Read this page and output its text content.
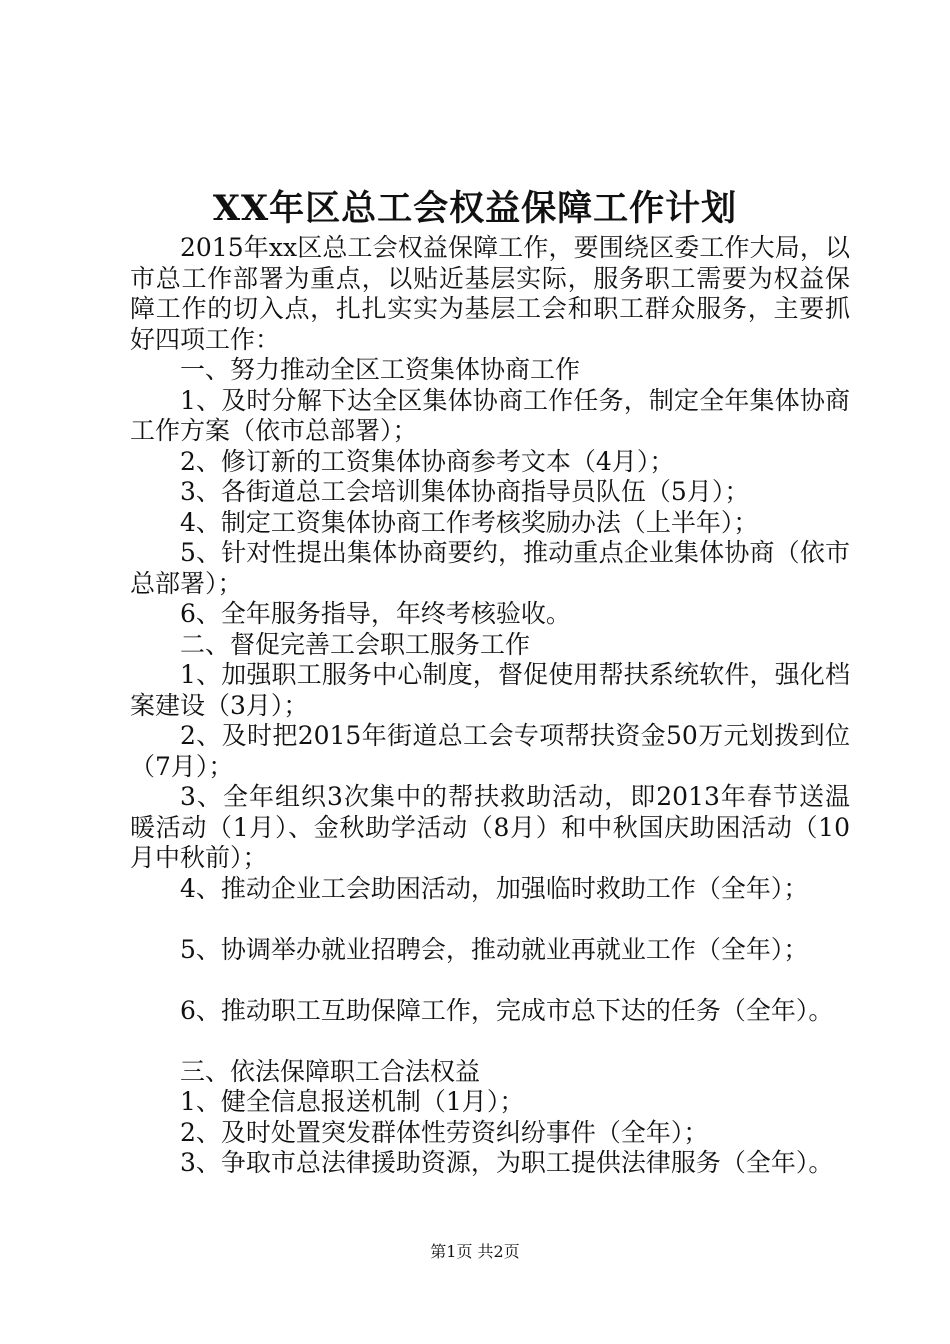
XX年区总工会权益保障工作计划

2015年xx区总工会权益保障工作，要围绕区委工作大局，以市总工作部署为重点，以贴近基层实际，服务职工需要为权益保障工作的切入点，扎扎实实为基层工会和职工群众服务，主要抓好四项工作：

一、努力推动全区工资集体协商工作

1、及时分解下达全区集体协商工作任务，制定全年集体协商工作方案（依市总部署）；

2、修订新的工资集体协商参考文本（4月）；

3、各街道总工会培训集体协商指导员队伍（5月）；

4、制定工资集体协商工作考核奖励办法（上半年）；

5、针对性提出集体协商要约，推动重点企业集体协商（依市总部署）；

6、全年服务指导，年终考核验收。

二、督促完善工会职工服务工作

1、加强职工服务中心制度，督促使用帮扶系统软件，强化档案建设（3月）；

2、及时把2015年街道总工会专项帮扶资金50万元划拨到位（7月）；

3、全年组织3次集中的帮扶救助活动，即2013年春节送温暖活动（1月）、金秋助学活动（8月）和中秋国庆助困活动（10月中秋前）；

4、推动企业工会助困活动，加强临时救助工作（全年）；

5、协调举办就业招聘会，推动就业再就业工作（全年）；

6、推动职工互助保障工作，完成市总下达的任务（全年）。

三、依法保障职工合法权益

1、健全信息报送机制（1月）；

2、及时处置突发群体性劳资纠纷事件（全年）；

3、争取市总法律援助资源，为职工提供法律服务（全年）。

第1页 共2页
